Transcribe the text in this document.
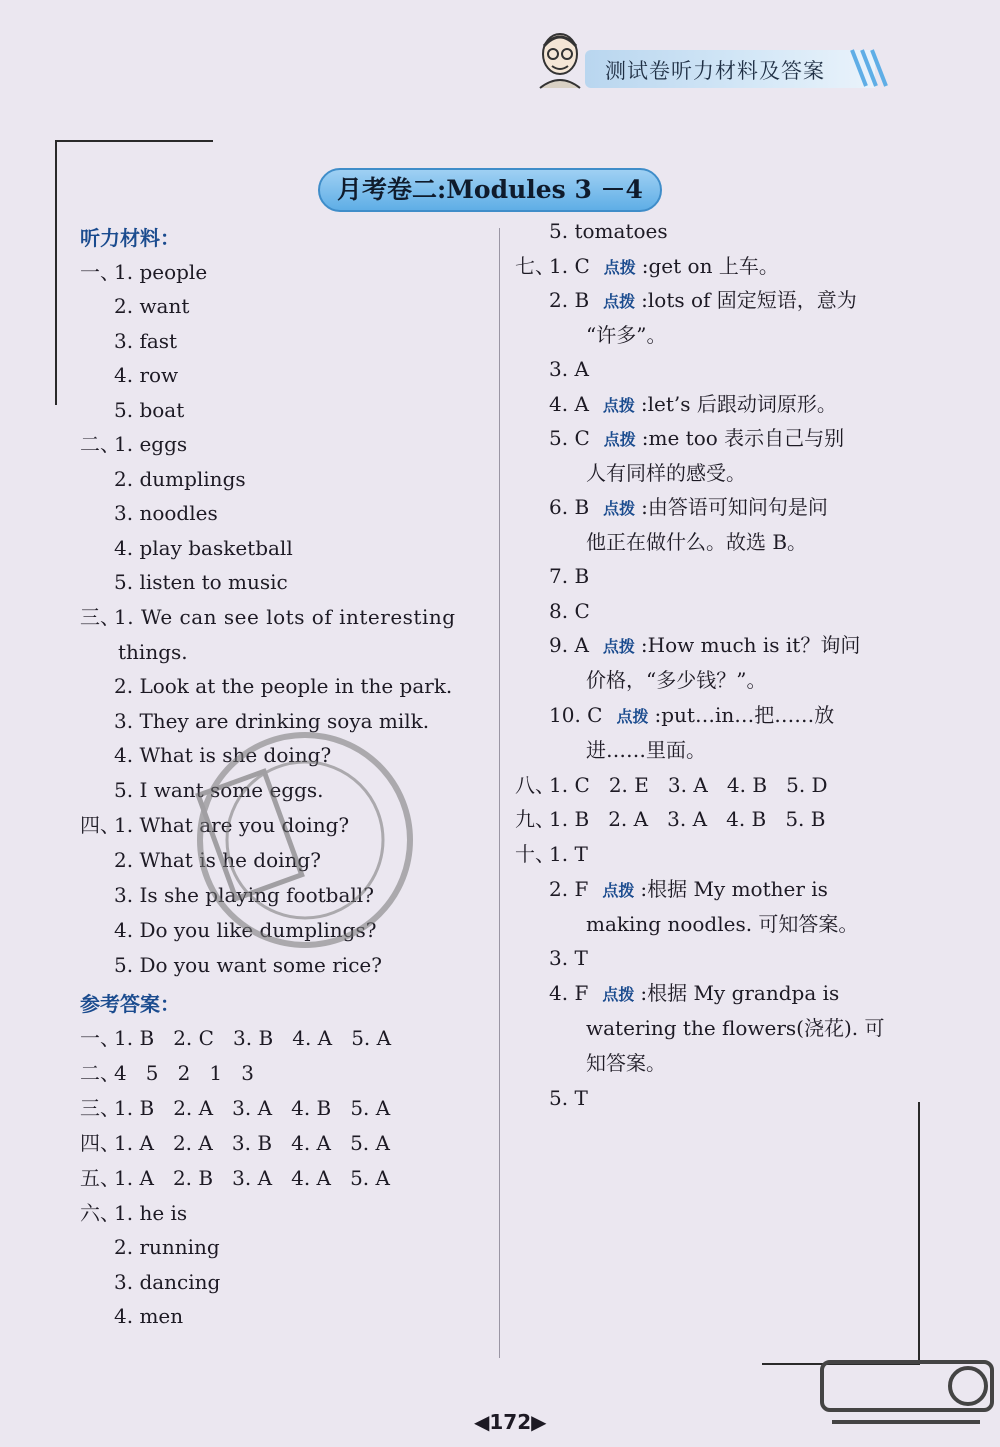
测试卷听力材料及答案
月考卷二:Modules 3 －4
听力材料：
一、
1. people
2. want
3. fast
4. row
5. boat
二、
1. eggs
2. dumplings
3. noodles
4. play basketball
5. listen to music
三、
1. We can see lots of interesting
things.
2. Look at the people in the park.
3. They are drinking soya milk.
4. What is she doing?
5. I want some eggs.
四、
1. What are you doing?
2. What is he doing?
3. Is she playing football?
4. Do you like dumplings?
5. Do you want some rice?
参考答案：
一、
1. B   2. C   3. B   4. A   5. A
二、
4   5   2   1   3
三、
1. B   2. A   3. A   4. B   5. A
四、
1. A   2. A   3. B   4. A   5. A
五、
1. A   2. B   3. A   4. A   5. A
六、
1. he is
2. running
3. dancing
4. men
5. tomatoes
七、
1. C 点拨 :get on 上车。
2. B 点拨 :lots of 固定短语，意为
“许多”。
3. A
4. A 点拨 :let’s 后跟动词原形。
5. C 点拨 :me too 表示自己与别
人有同样的感受。
6. B 点拨 :由答语可知问句是问
他正在做什么。故选 B。
7. B
8. C
9. A 点拨 :How much is it？询问
价格，“多少钱？”。
10. C 点拨 :put…in…把……放
进……里面。
八、
1. C   2. E   3. A   4. B   5. D
九、
1. B   2. A   3. A   4. B   5. B
十、
1. T
2. F 点拨 :根据 My mother is
making noodles. 可知答案。
3. T
4. F 点拨 :根据 My grandpa is
watering the flowers(浇花). 可
知答案。
5. T
◀172▶
